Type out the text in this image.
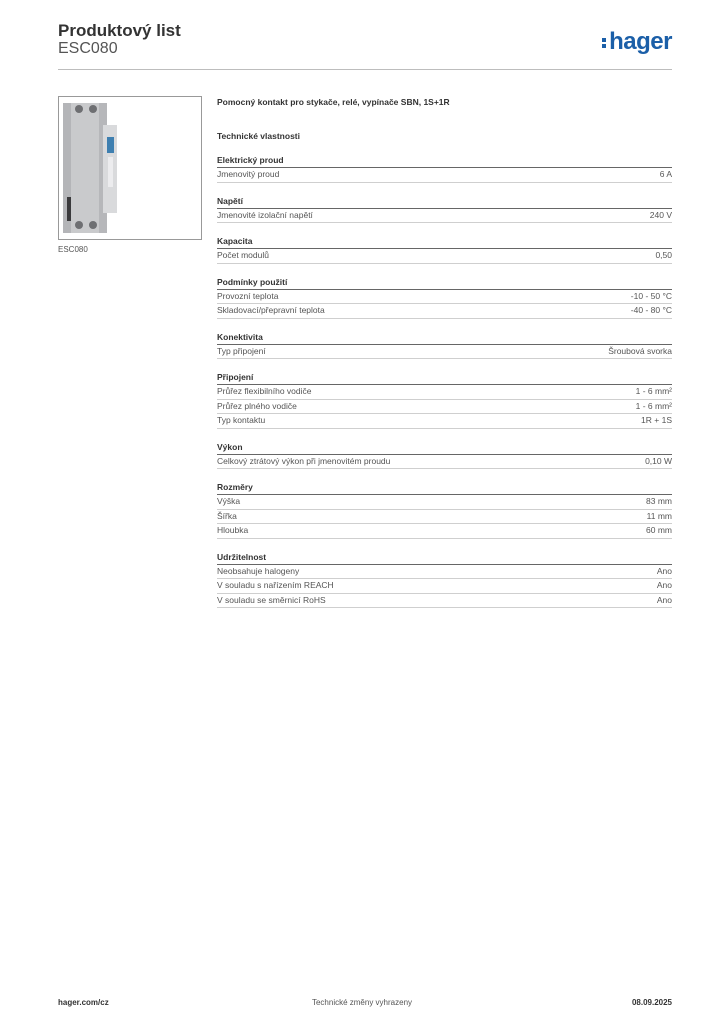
Produktový list
ESC080	hager
ESC080
Pomocný kontakt pro stykače, relé, vypínače SBN, 1S+1R
Technické vlastnosti
Elektrický proud
Jmenovitý proud	6 A
Napětí
Jmenovité izolační napětí	240 V
Kapacita
Počet modulů	0,50
Podmínky použití
Provozní teplota	-10 - 50 °C
Skladovací/přepravní teplota	-40 - 80 °C
Konektivita
Typ připojení	Šroubová svorka
Připojení
Průřez flexibilního vodiče	1 - 6 mm²
Průřez plného vodiče	1 - 6 mm²
Typ kontaktu	1R + 1S
Výkon
Celkový ztrátový výkon při jmenovitém proudu	0,10 W
Rozměry
Výška	83 mm
Šířka	11 mm
Hloubka	60 mm
Udržitelnost
Neobsahuje halogeny	Ano
V souladu s nařízením REACH	Ano
V souladu se směrnicí RoHS	Ano
hager.com/cz	Technické změny vyhrazeny	08.09.2025
